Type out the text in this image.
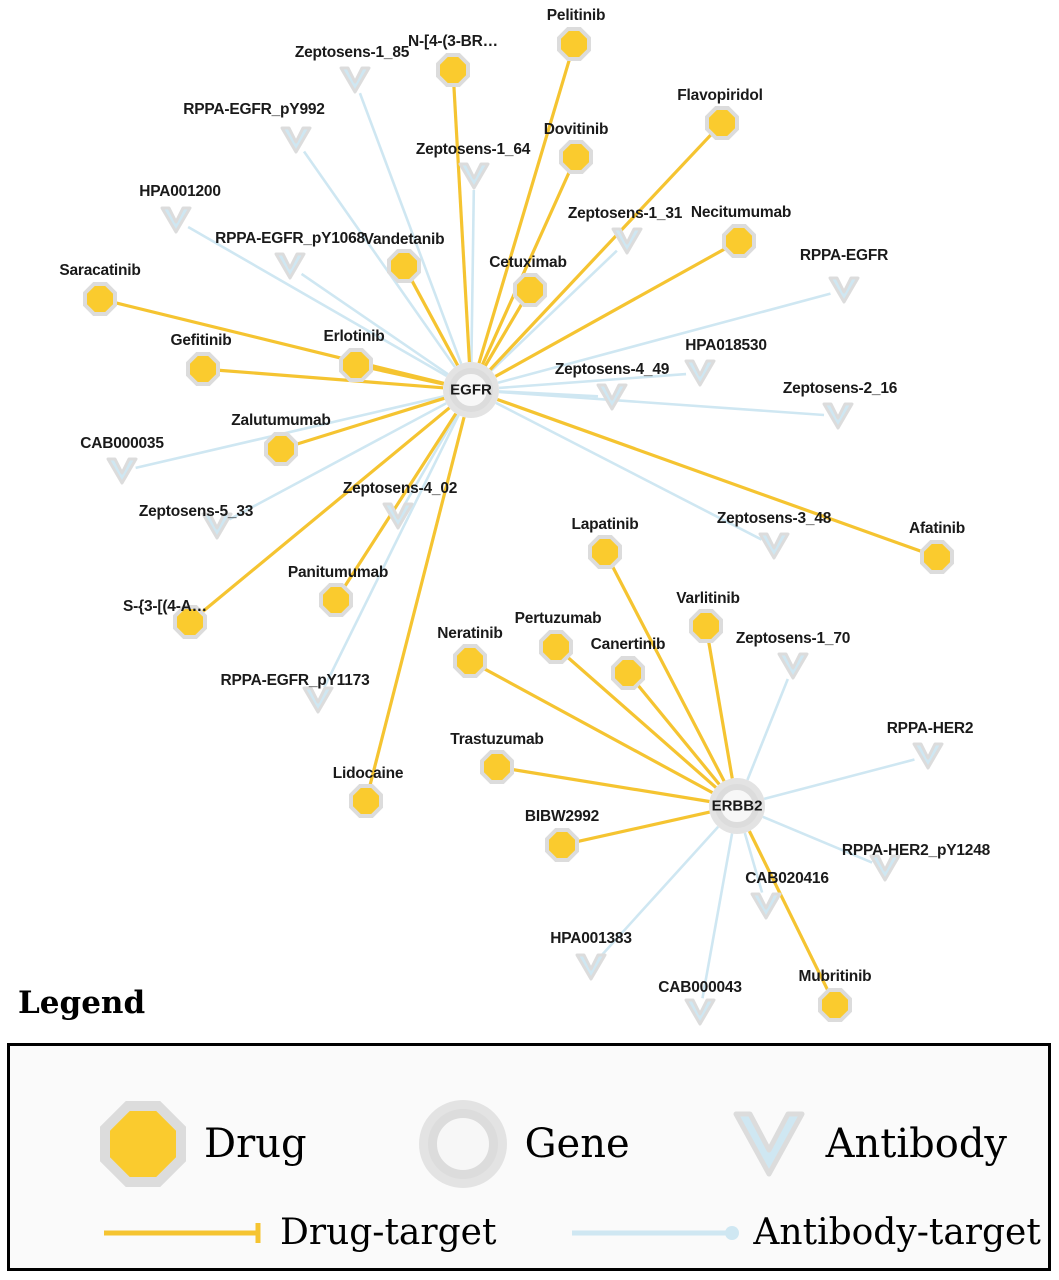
Zeptosens-1_85
RPPA-EGFR_pY992
Zeptosens-1_64
HPA001200
Zeptosens-1_31
RPPA-EGFR_pY1068
RPPA-EGFR
HPA018530
Zeptosens-4_49
Zeptosens-2_16
CAB000035
Zeptosens-5_33
Zeptosens-4_02
Zeptosens-3_48
RPPA-EGFR_pY1173
Zeptosens-1_70
RPPA-HER2
RPPA-HER2_pY1248
CAB020416
HPA001383
CAB000043
Pelitinib
N-[4-(3-BR…
Dovitinib
Flavopiridol
Necitumumab
Vandetanib
Cetuximab
Saracatinib
Gefitinib	Erlotinib
Zalutumumab
Panitumumab
S-{3-[(4-A…
Lidocaine
Afatinib
Lapatinib
Varlitinib
Pertuzumab
Neratinib
Canertinib
Trastuzumab
BIBW2992
Mubritinib
EGFR
ERBB2
Legend
Drug	Gene	Antibody
Drug-target	Antibody-target
